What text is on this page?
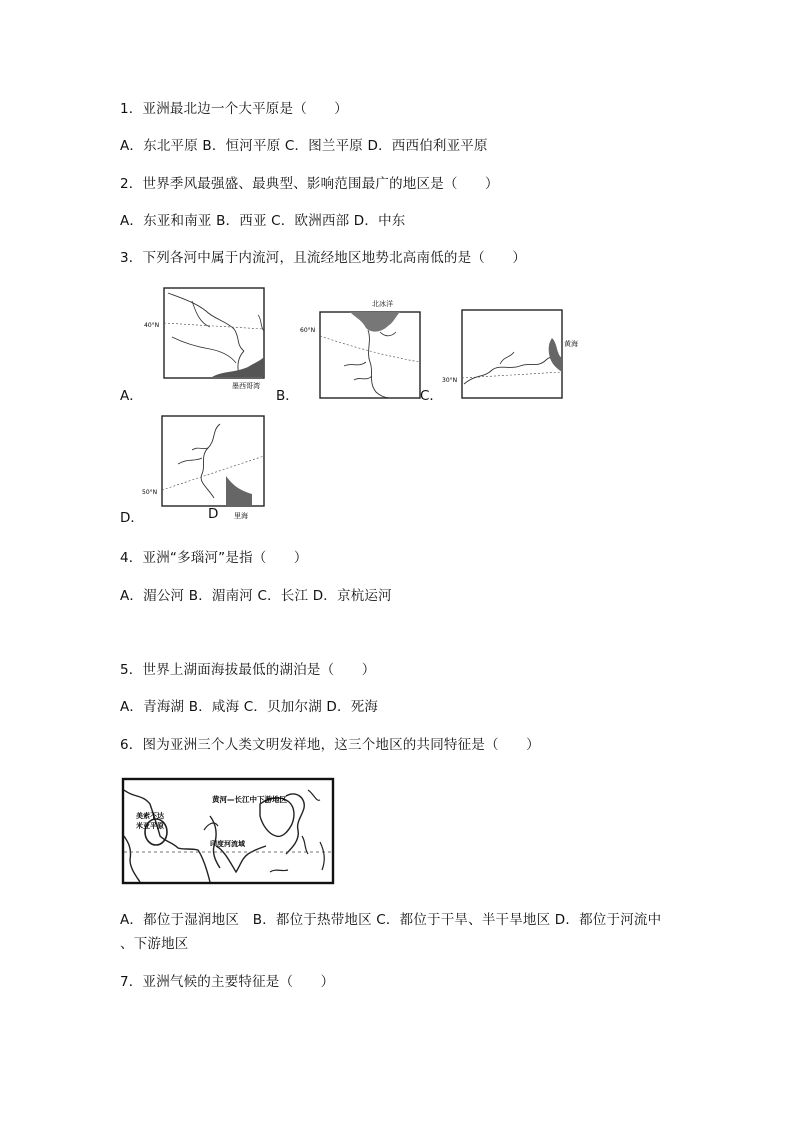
1．亚洲最北边一个大平原是（　　）
A．东北平原 B．恒河平原 C．图兰平原 D．西西伯利亚平原
2．世界季风最强盛、最典型、影响范围最广的地区是（　　）
A．东亚和南亚 B．西亚 C．欧洲西部 D．中东
3．下列各河中属于内流河，且流经地区地势北高南低的是（　　）
40°N
墨西哥湾
A．
60°N
北冰洋
B．
30°N
黄海
C．
50°N
里海
D
D．
4．亚洲“多瑙河”是指（　　）
A．湄公河 B．湄南河 C．长江 D．京杭运河
5．世界上湖面海拔最低的湖泊是（　　）
A．青海湖 B．咸海 C．贝加尔湖 D．死海
6．图为亚洲三个人类文明发祥地，这三个地区的共同特征是（　　）
黄河—长江中下游地区
美索不达
米亚平原
印度河流域
A．都位于湿润地区　B．都位于热带地区 C．都位于干旱、半干旱地区 D．都位于河流中
、下游地区
7．亚洲气候的主要特征是（　　）
